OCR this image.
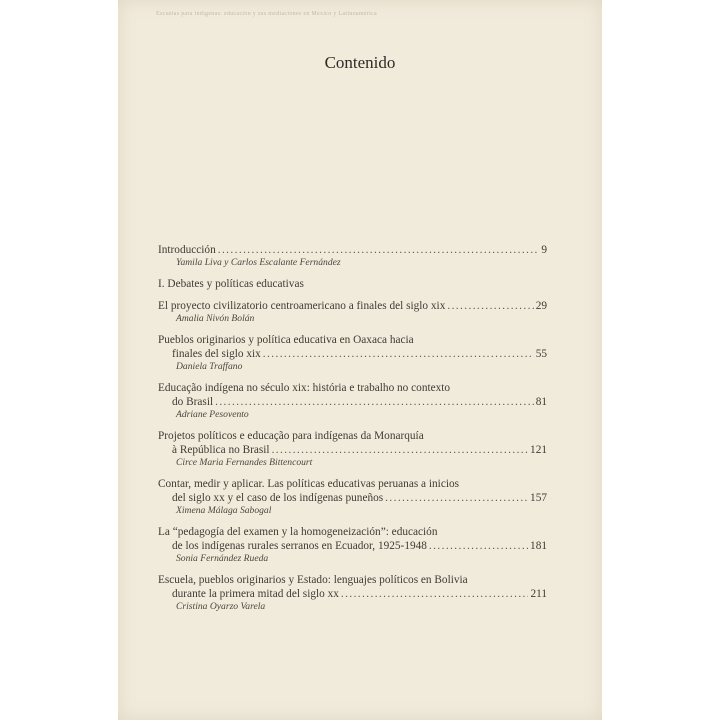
Escuelas para indígenas: educación y sus mediaciones en México y Latinoamérica
Contenido
Introducción .....	9
Yamila Liva y Carlos Escalante Fernández
I. Debates y políticas educativas
El proyecto civilizatorio centroamericano a finales del siglo xix .....	29
Amalia Nivón Bolán
Pueblos originarios y política educativa en Oaxaca hacia
finales del siglo xix .....	55
Daniela Traffano
Educação indígena no século xix: história e trabalho no contexto
do Brasil .....	81
Adriane Pesovento
Projetos políticos e educação para indígenas da Monarquía
à República no Brasil .....	121
Circe Maria Fernandes Bittencourt
Contar, medir y aplicar. Las políticas educativas peruanas a inicios
del siglo xx y el caso de los indígenas puneños .....	157
Ximena Málaga Sabogal
La “pedagogía del examen y la homogeneización”: educación
de los indígenas rurales serranos en Ecuador, 1925-1948 .....	181
Sonia Fernández Rueda
Escuela, pueblos originarios y Estado: lenguajes políticos en Bolivia
durante la primera mitad del siglo xx .....	211
Cristina Oyarzo Varela
